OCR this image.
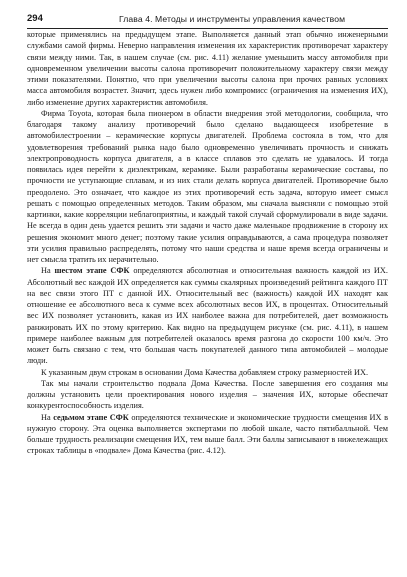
294	Глава 4. Методы и инструменты управления качеством

которые применялись на предыдущем этапе. Выполняется данный этап обычно инженерными службами самой фирмы. Неверно направления изменения их характеристик противоречат характеру связи между ними. Так, в нашем случае (см. рис. 4.11) желание уменьшить массу автомобиля при одновременном увеличении высоты салона противоречит положительному характеру связи между этими показателями. Понятно, что при увеличении высоты салона при прочих равных условиях масса автомобиля возрастет. Значит, здесь нужен либо компромисс (ограничения на изменения ИХ), либо изменение других характеристик автомобиля.

Фирма Toyota, которая была пионером в области внедрения этой методологии, сообщила, что благодаря такому анализу противоречий было сделано выдающееся изобретение в автомобилестроении – керамические корпусы двигателей. Проблема состояла в том, что для удовлетворения требований рынка надо было одновременно увеличивать прочность и снижать электропроводность корпуса двигателя, а в классе сплавов это сделать не удавалось. И тогда появилась идея перейти к диэлектрикам, керамике. Были разработаны керамические составы, по прочности не уступающие сплавам, и из них стали делать корпуса двигателей. Противоречие было преодолено. Это означает, что каждое из этих противоречий есть задача, которую имеет смысл решать с помощью определенных методов. Таким образом, мы сначала выясняли с помощью этой картинки, какие корреляции неблагоприятны, и каждый такой случай сформулировали в виде задачи. Не всегда в один день удается решить эти задачи и часто даже маленькое продвижение в сторону их решения экономит много денег; поэтому такие усилия оправдываются, а сама процедура позволяет эти усилия правильно распределять, потому что наши средства и наше время всегда ограничены и нет смысла тратить их нерачительно.

На шестом этапе СФК определяются абсолютная и относительная важность каждой из ИХ. Абсолютный вес каждой ИХ определяется как суммы скалярных произведений рейтинга каждого ПТ на вес связи этого ПТ с данной ИХ. Относительный вес (важность) каждой ИХ находят как отношение ее абсолютного веса к сумме всех абсолютных весов ИХ, в процентах. Относительный вес ИХ позволяет установить, какая из ИХ наиболее важна для потребителей, дает возможность ранжировать ИХ по этому критерию. Как видно на предыдущем рисунке (см. рис. 4.11), в нашем примере наиболее важным для потребителей оказалось время разгона до скорости 100 км/ч. Это может быть связано с тем, что большая часть покупателей данного типа автомобилей – молодые люди.

К указанным двум строкам в основании Дома Качества добавляем строку размерностей ИХ.

Так мы начали строительство подвала Дома Качества. После завершения его создания мы должны установить цели проектирования нового изделия – значения ИХ, которые обеспечат конкурентоспособность изделия.

На седьмом этапе СФК определяются технические и экономические трудности смещения ИХ в нужную сторону. Эта оценка выполняется экспертами по любой шкале, часто пятибалльной. Чем больше трудность реализации смещения ИХ, тем выше балл. Эти баллы записывают в нижележащих строках таблицы в «подвале» Дома Качества (рис. 4.12).
